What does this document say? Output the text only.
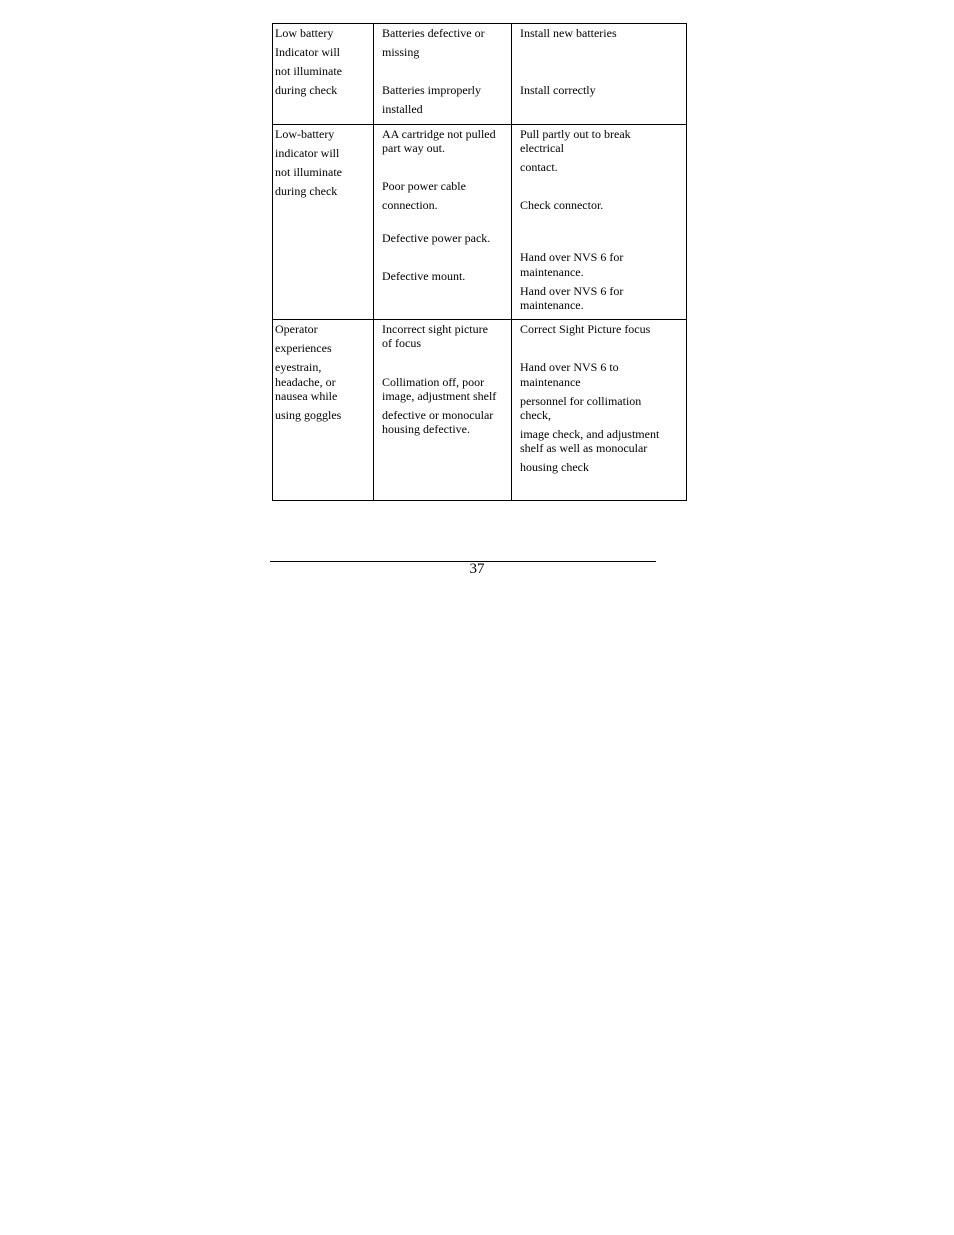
Low battery
Indicator will
not illuminate
during check
Batteries defective or
missing
Batteries improperly
installed
Install new batteries
Install correctly
Low-battery
indicator will
not illuminate
during check
AA cartridge not pulled
part way out.
Poor power cable
connection.
Defective power pack.
Defective mount.
Pull partly out to break
electrical
contact.
Check connector.
Hand over NVS 6 for
maintenance.
Hand over NVS 6 for
maintenance.
Operator
experiences
eyestrain,
headache, or
nausea while
using goggles
Incorrect sight picture
of focus
Collimation off, poor
image, adjustment shelf
defective or monocular
housing defective.
Correct Sight Picture focus
Hand over NVS 6 to
maintenance
personnel for collimation
check,
image check, and adjustment
shelf as well as monocular
housing check
37
